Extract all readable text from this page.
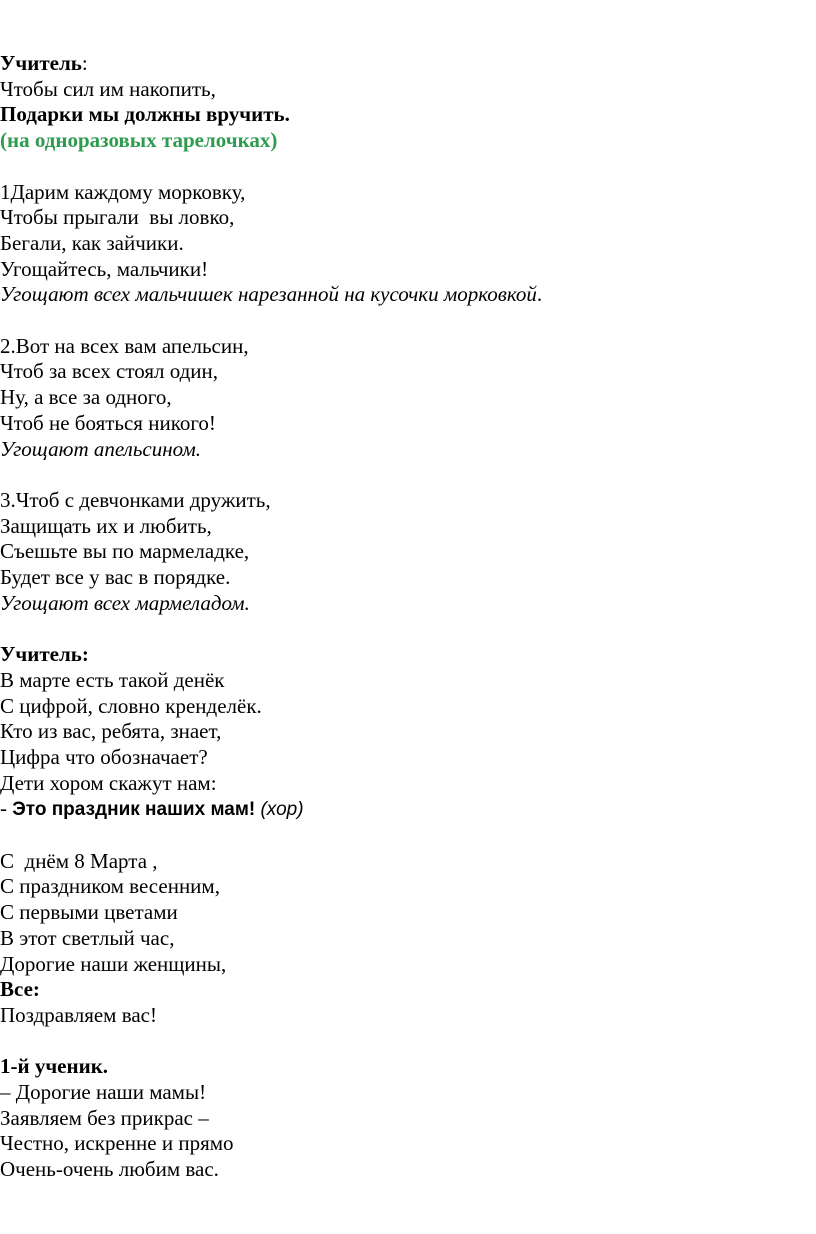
Учитель:
Чтобы сил им накопить,
Подарки мы должны вручить.
(на одноразовых тарелочках)
1Дарим каждому морковку,
Чтобы прыгали  вы ловко,
Бегали, как зайчики.
Угощайтесь, мальчики!
Угощают всех мальчишек нарезанной на кусочки морковкой.
2.Вот на всех вам апельсин,
Чтоб за всех стоял один,
Ну, а все за одного,
Чтоб не бояться никого!
Угощают апельсином.
3.Чтоб с девчонками дружить,
Защищать их и любить,
Съешьте вы по мармеладке,
Будет все у вас в порядке.
Угощают всех мармеладом.
Учитель:
В марте есть такой денёк
С цифрой, словно кренделёк.
Кто из вас, ребята, знает,
Цифра что обозначает?
Дети хором скажут нам:
- Это праздник наших мам! (хор)
С  днём 8 Марта ,
С праздником весенним,
С первыми цветами
В этот светлый час,
Дорогие наши женщины,
Все:
Поздравляем вас!
1-й ученик.
– Дорогие наши мамы!
Заявляем без прикрас –
Честно, искренне и прямо
Очень-очень любим вас.
